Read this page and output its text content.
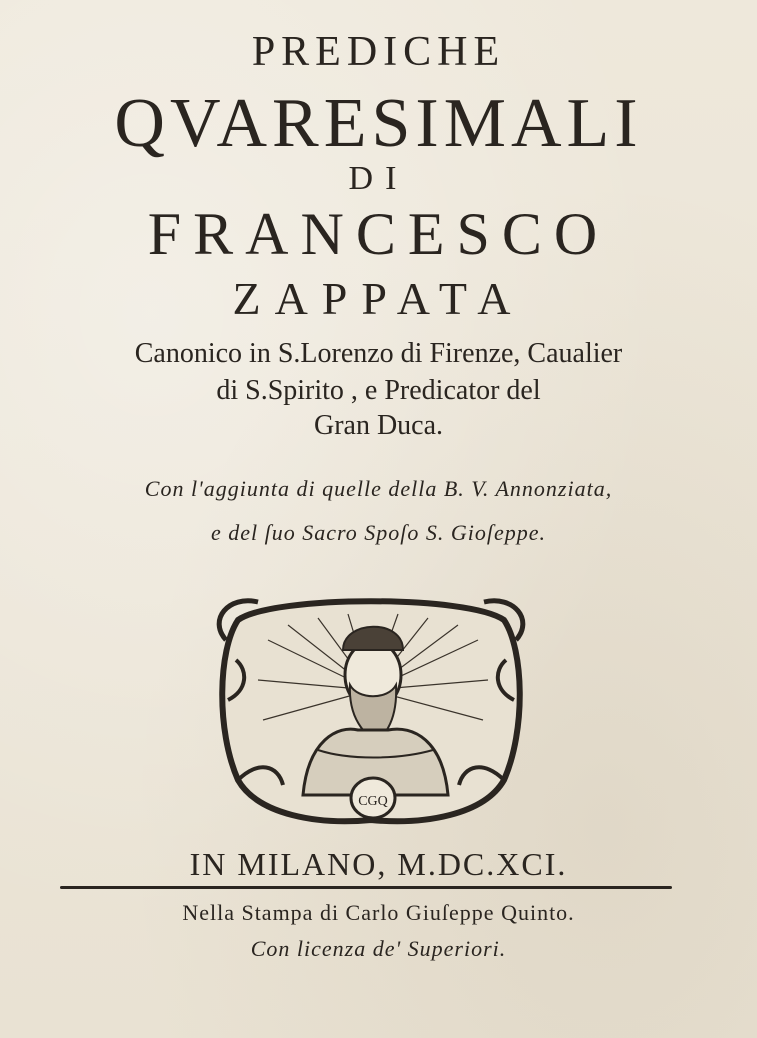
PREDICHE
QVARESIMALI
DI
FRANCESCO
ZAPPATA
Canonico in S.Lorenzo di Firenze, Caualier
di S.Spirito , e Predicator del
Gran Duca.
Con l'aggiunta di quelle della B. V. Annonziata,
e del ſuo Sacro Spoſo S. Gioſeppe.
CGQ
IN MILANO, M.DC.XCI.
Nella Stampa di Carlo Giuſeppe Quinto.
Con licenza de' Superiori.
